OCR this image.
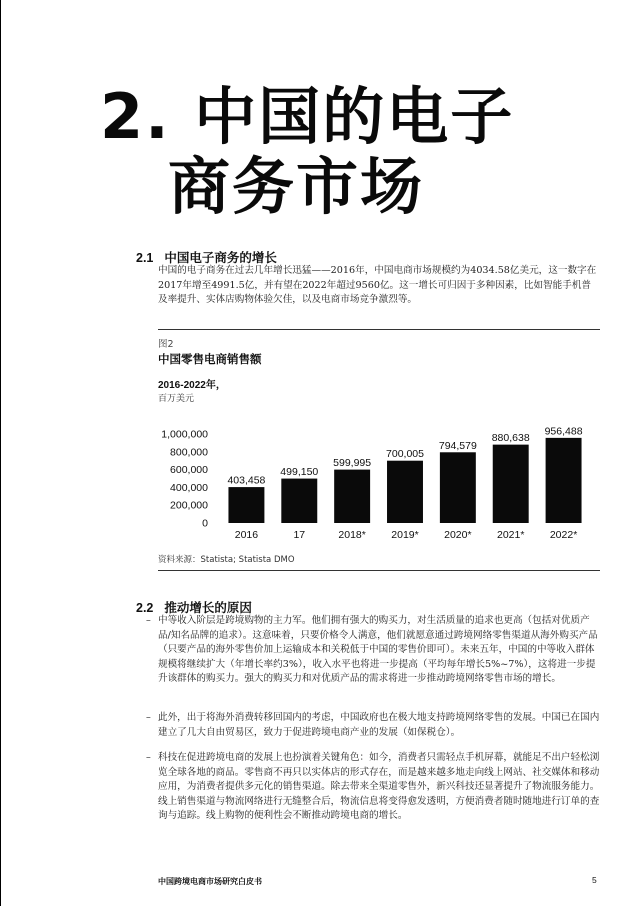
2. 中国的电子
商务市场
2.1 中国电子商务的增长

中国的电子商务在过去几年增长迅猛——2016年，中国电商市场规模约为4034.58亿美元，这一数字在2017年增至4991.5亿，并有望在2022年超过9560亿。这一增长可归因于多种因素，比如智能手机普及率提升、实体店购物体验欠佳，以及电商市场竞争激烈等。

图2
中国零售电商销售额
2016-2022年，
百万美元
1,000,000
800,000
600,000
400,000
200,000
0
403,458
2016
499,150
17
599,995
2018*
700,005
2019*
794,579
2020*
880,638
2021*
956,488
2022*
资料来源：Statista; Statista DMO
2.2 推动增长的原因
– 中等收入阶层是跨境购物的主力军。他们拥有强大的购买力，对生活质量的追求也更高（包括对优质产品/知名品牌的追求）。这意味着，只要价格令人满意，他们就愿意通过跨境网络零售渠道从海外购买产品（只要产品的海外零售价加上运输成本和关税低于中国的零售价即可）。未来五年，中国的中等收入群体规模将继续扩大（年增长率约3%），收入水平也将进一步提高（平均每年增长5%~7%），这将进一步提升该群体的购买力。强大的购买力和对优质产品的需求将进一步推动跨境网络零售市场的增长。
– 此外，出于将海外消费转移回国内的考虑，中国政府也在极大地支持跨境网络零售的发展。中国已在国内建立了几大自由贸易区，致力于促进跨境电商产业的发展（如保税仓）。
– 科技在促进跨境电商的发展上也扮演着关键角色：如今，消费者只需轻点手机屏幕，就能足不出户轻松浏览全球各地的商品。零售商不再只以实体店的形式存在，而是越来越多地走向线上网站、社交媒体和移动应用，为消费者提供多元化的销售渠道。除去带来全渠道零售外，新兴科技还显著提升了物流服务能力。线上销售渠道与物流网络进行无缝整合后，物流信息将变得愈发透明，方便消费者随时随地进行订单的查询与追踪。线上购物的便利性会不断推动跨境电商的增长。
中国跨境电商市场研究白皮书	5
